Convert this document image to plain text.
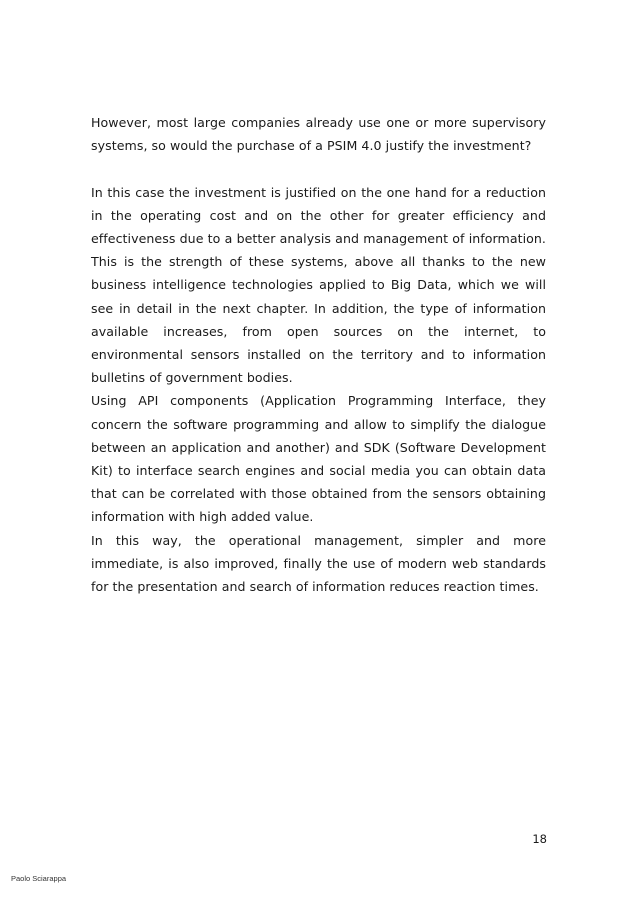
However, most large companies already use one or more supervisory systems, so would the purchase of a PSIM 4.0 justify the investment?

In this case the investment is justified on the one hand for a reduction in the operating cost and on the other for greater efficiency and effectiveness due to a better analysis and management of information. This is the strength of these systems, above all thanks to the new business intelligence technologies applied to Big Data, which we will see in detail in the next chapter. In addition, the type of information available increases, from open sources on the internet, to environmental sensors installed on the territory and to information bulletins of government bodies.

Using API components (Application Programming Interface, they concern the software programming and allow to simplify the dialogue between an application and another) and SDK (Software Development Kit) to interface search engines and social media you can obtain data that can be correlated with those obtained from the sensors obtaining information with high added value.

In this way, the operational management, simpler and more immediate, is also improved, finally the use of modern web standards for the presentation and search of information reduces reaction times.

18
Paolo Sciarappa
